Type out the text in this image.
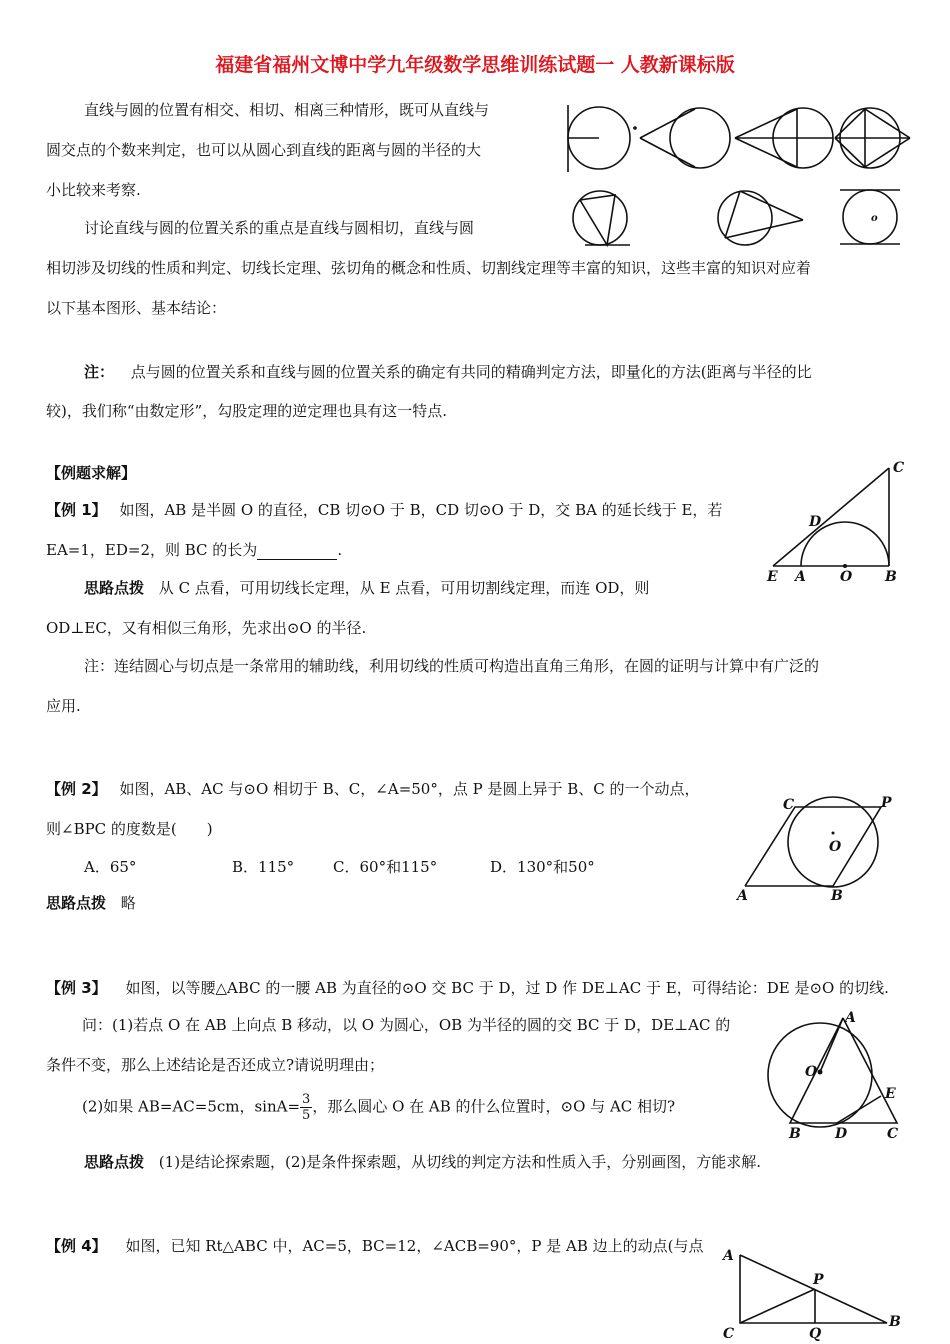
福建省福州文博中学九年级数学思维训练试题一 人教新课标版
直线与圆的位置有相交、相切、相离三种情形，既可从直线与
圆交点的个数来判定，也可以从圆心到直线的距离与圆的半径的大
小比较来考察.
讨论直线与圆的位置关系的重点是直线与圆相切，直线与圆
相切涉及切线的性质和判定、切线长定理、弦切角的概念和性质、切割线定理等丰富的知识，这些丰富的知识对应着
以下基本图形、基本结论：
o
注： 点与圆的位置关系和直线与圆的位置关系的确定有共同的精确判定方法，即量化的方法(距离与半径的比
较)，我们称“由数定形”，勾股定理的逆定理也具有这一特点.
【例题求解】
【例 1】 如图，AB 是半圆 O 的直径，CB 切⊙O 于 B，CD 切⊙O 于 D，交 BA 的延长线于 E，若
EA=1，ED=2，则 BC 的长为	.
思路点拨 从 C 点看，可用切线长定理，从 E 点看，可用切割线定理，而连 OD，则
OD⊥EC，又有相似三角形，先求出⊙O 的半径.
注：连结圆心与切点是一条常用的辅助线，利用切线的性质可构造出直角三角形，在圆的证明与计算中有广泛的
应用.
C
D
E A O B
【例 2】 如图，AB、AC 与⊙O 相切于 B、C，∠A=50°，点 P 是圆上异于 B、C 的一个动点，
则∠BPC 的度数是(　　)
A．65°	B．115°	C．60°和115°	D．130°和50°
思路点拨 略
C	P
O
A	B
【例 3】 如图，以等腰△ABC 的一腰 AB 为直径的⊙O 交 BC 于 D，过 D 作 DE⊥AC 于 E，可得结论：DE 是⊙O 的切线.
问：(1)若点 O 在 AB 上向点 B 移动，以 O 为圆心，OB 为半径的圆的交 BC 于 D，DE⊥AC 的
条件不变，那么上述结论是否还成立?请说明理由；
(2)如果 AB=AC=5cm，$\sin A= \frac{3}{5}$ ，那么圆心 O 在 AB 的什么位置时，⊙O 与 AC 相切?
思路点拨 (1)是结论探索题，(2)是条件探索题，从切线的判定方法和性质入手，分别画图，方能求解.
A
O
E
B D	C
【例 4】 如图，已知 Rt△ABC 中，AC=5，BC=12，∠ACB=90°，P 是 AB 边上的动点(与点
A
P
B
C	Q
